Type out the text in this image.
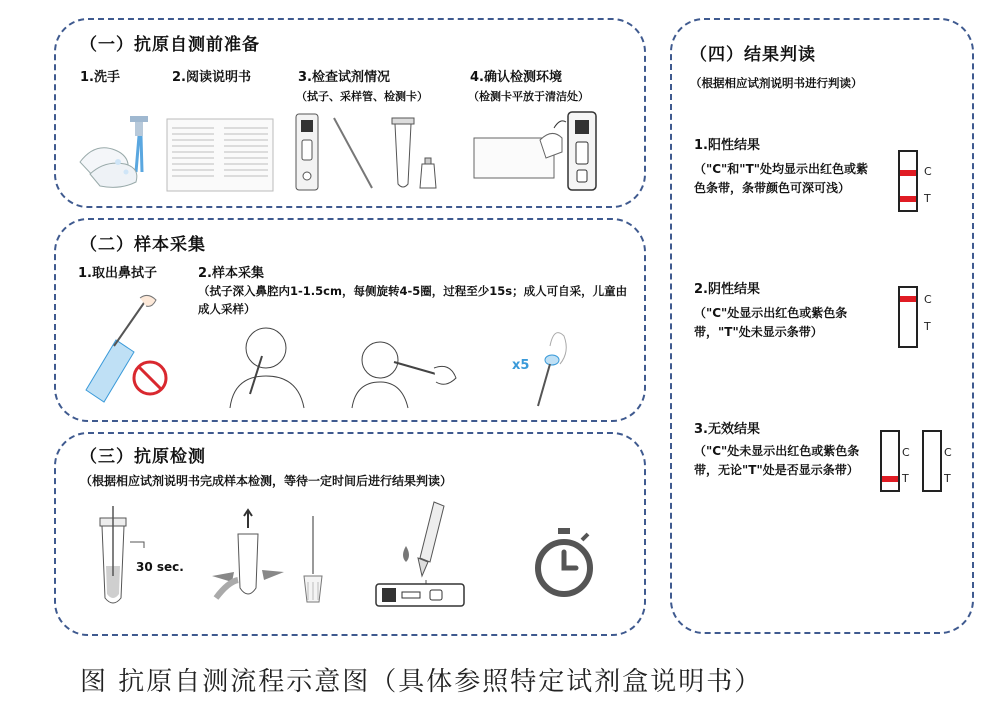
（一）抗原自测前准备
1.洗手	2.阅读说明书	3.检查试剂情况
（拭子、采样管、检测卡）
4.确认检测环境
（检测卡平放于清洁处）
（二）样本采集
1.取出鼻拭子	2.样本采集
（拭子深入鼻腔内1-1.5cm，每侧旋转4-5圈，过程至少15s；成人可自采，儿童由成人采样）
x5
（三）抗原检测
（根据相应试剂说明书完成样本检测，等待一定时间后进行结果判读）
30 sec.
（四）结果判读
（根据相应试剂说明书进行判读）
1.阳性结果
（"C"和"T"处均显示出红色或紫色条带，条带颜色可深可浅）
C
T
2.阴性结果
（"C"处显示出红色或紫色条带，"T"处未显示条带）
C
T
3.无效结果
（"C"处未显示出红色或紫色条带，无论"T"处是否显示条带）
C
T
C
T
图 抗原自测流程示意图（具体参照特定试剂盒说明书）
